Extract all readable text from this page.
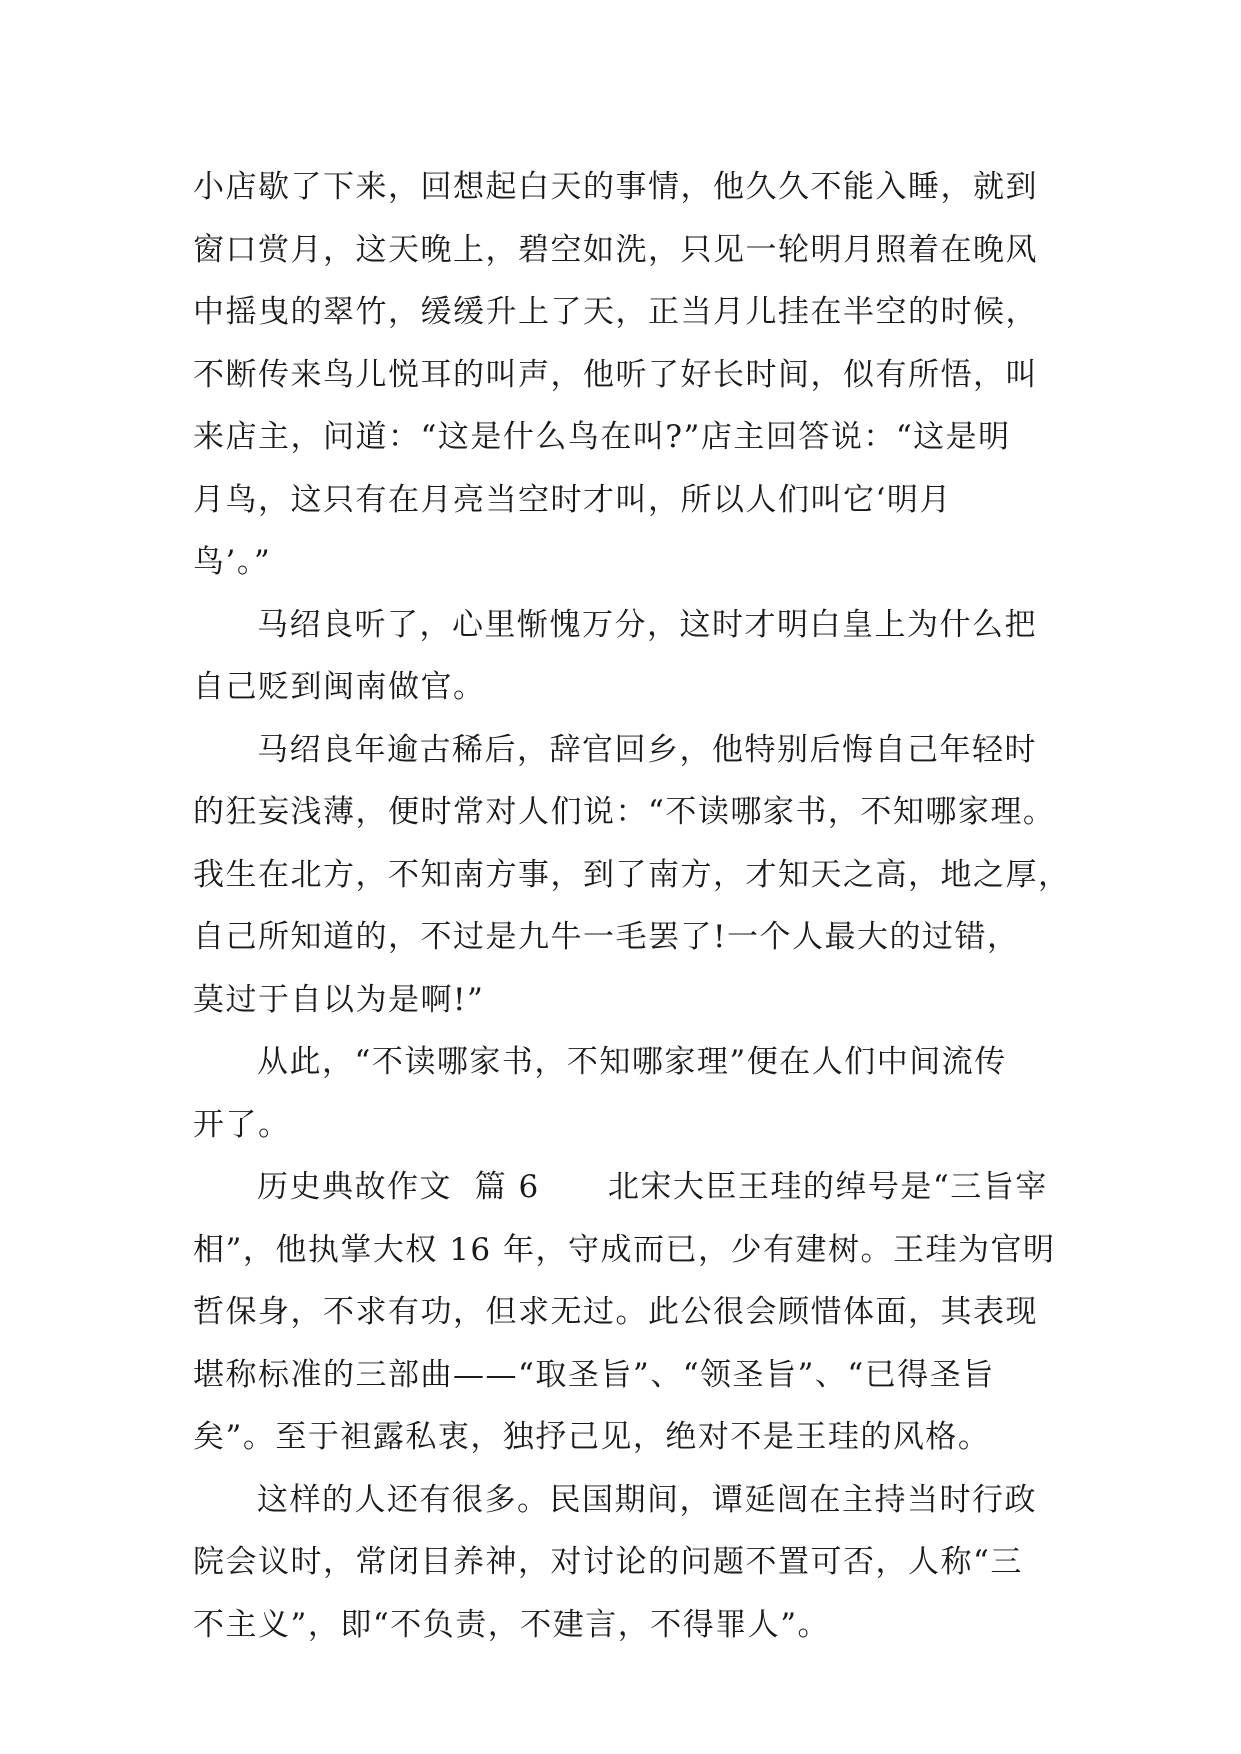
小店歇了下来，回想起白天的事情，他久久不能入睡，就到
窗口赏月，这天晚上，碧空如洗，只见一轮明月照着在晚风
中摇曳的翠竹，缓缓升上了天，正当月儿挂在半空的时候，
不断传来鸟儿悦耳的叫声，他听了好长时间，似有所悟，叫
来店主，问道：“这是什么鸟在叫?”店主回答说：“这是明
月鸟，这只有在月亮当空时才叫，所以人们叫它‘明月
鸟’。”
马绍良听了，心里惭愧万分，这时才明白皇上为什么把
自己贬到闽南做官。
马绍良年逾古稀后，辞官回乡，他特别后悔自己年轻时
的狂妄浅薄，便时常对人们说：“不读哪家书，不知哪家理。
我生在北方，不知南方事，到了南方，才知天之高，地之厚，
自己所知道的，不过是九牛一毛罢了!一个人最大的过错，
莫过于自以为是啊!”
从此，“不读哪家书，不知哪家理”便在人们中间流传
开了。
历史典故作文  篇 6      北宋大臣王珪的绰号是“三旨宰
相”，他执掌大权 16 年，守成而已，少有建树。王珪为官明
哲保身，不求有功，但求无过。此公很会顾惜体面，其表现
堪称标准的三部曲——“取圣旨”、“领圣旨”、“已得圣旨
矣”。至于袒露私衷，独抒己见，绝对不是王珪的风格。
这样的人还有很多。民国期间，谭延闿在主持当时行政
院会议时，常闭目养神，对讨论的问题不置可否，人称“三
不主义”，即“不负责，不建言，不得罪人”。
